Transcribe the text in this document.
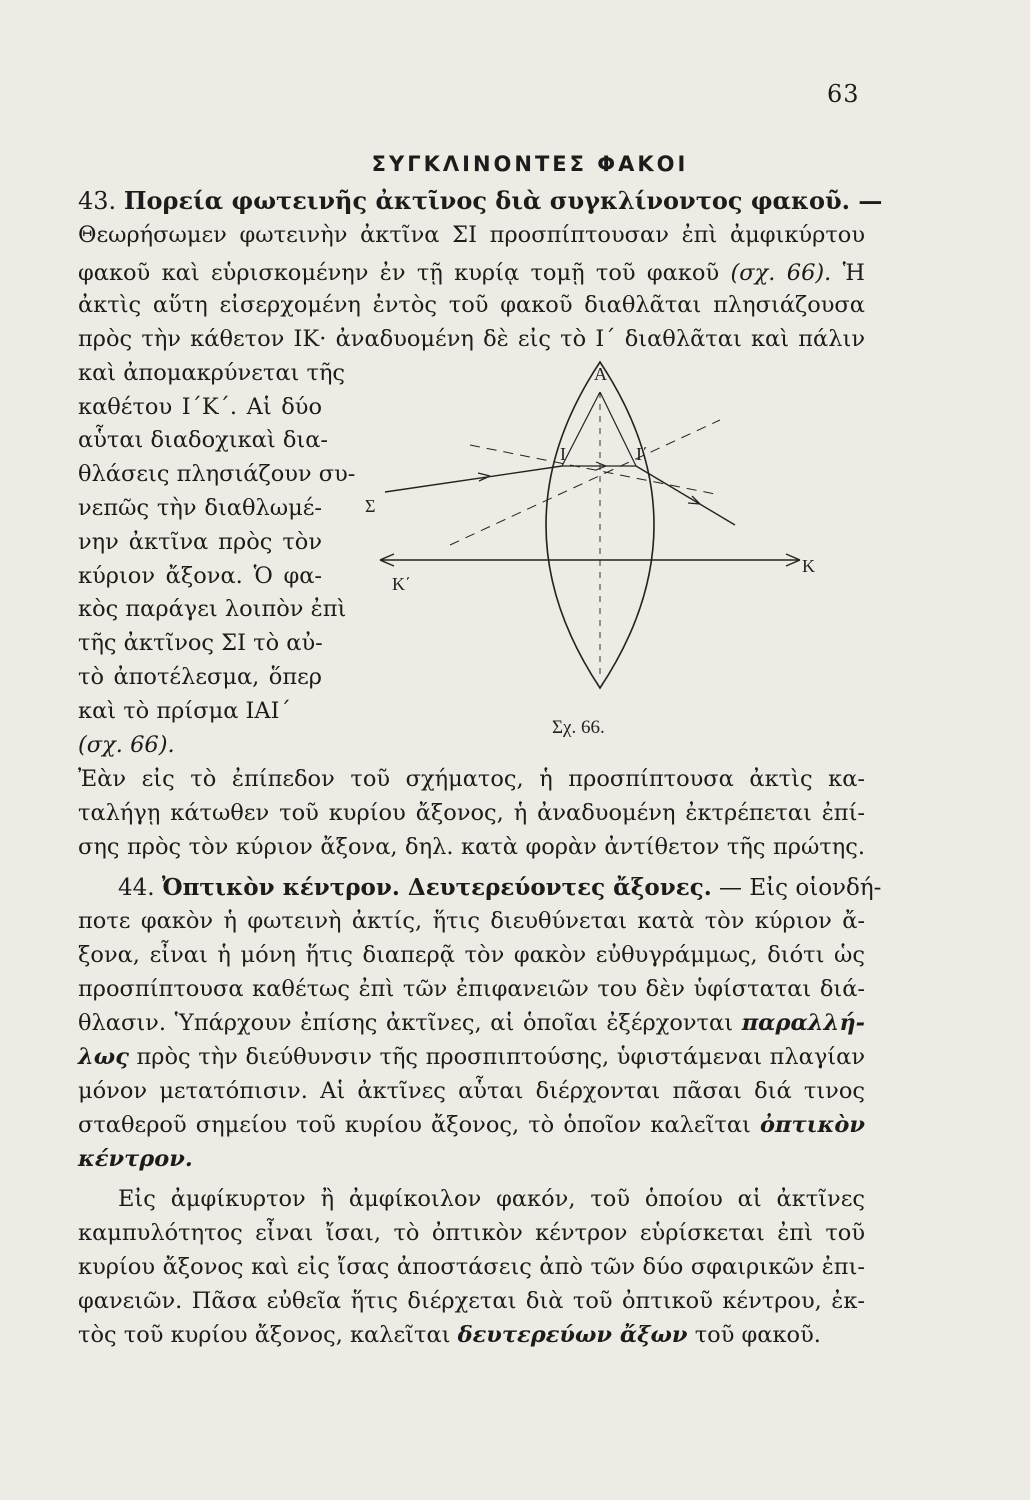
63
ΣΥΓΚΛΙΝΟΝΤΕΣ ΦΑΚΟΙ
43. Πορεία φωτεινῆς ἀκτῖνος διὰ συγκλίνοντος φακοῦ. —
Θεωρήσωμεν φωτεινὴν ἀκτῖνα ΣΙ προσπίπτουσαν ἐπὶ ἀμφικύρτου
φακοῦ καὶ εὑρισκομένην ἐν τῇ κυρίᾳ τομῇ τοῦ φακοῦ (σχ. 66). Ἡ
ἀκτὶς αὕτη εἰσερχομένη ἐντὸς τοῦ φακοῦ διαθλᾶται πλησιάζουσα
πρὸς τὴν κάθετον ΙΚ· ἀναδυομένη δὲ εἰς τὸ Ι΄ διαθλᾶται καὶ πάλιν
καὶ ἀπομακρύνεται τῆς
καθέτου Ι΄Κ΄. Αἱ δύο
αὗται διαδοχικαὶ δια-
θλάσεις πλησιάζουν συ-
νεπῶς τὴν διαθλωμέ-
νην ἀκτῖνα πρὸς τὸν
κύριον ἄξονα. Ὁ φα-
κὸς παράγει λοιπὸν ἐπὶ
τῆς ἀκτῖνος ΣΙ τὸ αὐ-
τὸ ἀποτέλεσμα, ὅπερ
καὶ τὸ πρίσμα ΙΑΙ΄
(σχ. 66).
Α
Ι	Ι΄
Σ
Κ΄
Κ
Σχ. 66.
Ἐὰν εἰς τὸ ἐπίπεδον τοῦ σχήματος, ἡ προσπίπτουσα ἀκτὶς κα-
ταλήγῃ κάτωθεν τοῦ κυρίου ἄξονος, ἡ ἀναδυομένη ἐκτρέπεται ἐπί-
σης πρὸς τὸν κύριον ἄξονα, δηλ. κατὰ φορὰν ἀντίθετον τῆς πρώτης.
44. Ὀπτικὸν κέντρον. Δευτερεύοντες ἄξονες. — Εἰς οἱονδή-
ποτε φακὸν ἡ φωτεινὴ ἀκτίς, ἥτις διευθύνεται κατὰ τὸν κύριον ἄ-
ξονα, εἶναι ἡ μόνη ἥτις διαπερᾷ τὸν φακὸν εὐθυγράμμως, διότι ὡς
προσπίπτουσα καθέτως ἐπὶ τῶν ἐπιφανειῶν του δὲν ὑφίσταται διά-
θλασιν. Ὑπάρχουν ἐπίσης ἀκτῖνες, αἱ ὁποῖαι ἐξέρχονται παραλλή-
λως πρὸς τὴν διεύθυνσιν τῆς προσπιπτούσης, ὑφιστάμεναι πλαγίαν
μόνον μετατόπισιν. Αἱ ἀκτῖνες αὗται διέρχονται πᾶσαι διά τινος
σταθεροῦ σημείου τοῦ κυρίου ἄξονος, τὸ ὁποῖον καλεῖται ὀπτικὸν
κέντρον.
Εἰς ἀμφίκυρτον ἢ ἀμφίκοιλον φακόν, τοῦ ὁποίου αἱ ἀκτῖνες
καμπυλότητος εἶναι ἴσαι, τὸ ὀπτικὸν κέντρον εὑρίσκεται ἐπὶ τοῦ
κυρίου ἄξονος καὶ εἰς ἴσας ἀποστάσεις ἀπὸ τῶν δύο σφαιρικῶν ἐπι-
φανειῶν. Πᾶσα εὐθεῖα ἥτις διέρχεται διὰ τοῦ ὀπτικοῦ κέντρου, ἐκ-
τὸς τοῦ κυρίου ἄξονος, καλεῖται δευτερεύων ἄξων τοῦ φακοῦ.
